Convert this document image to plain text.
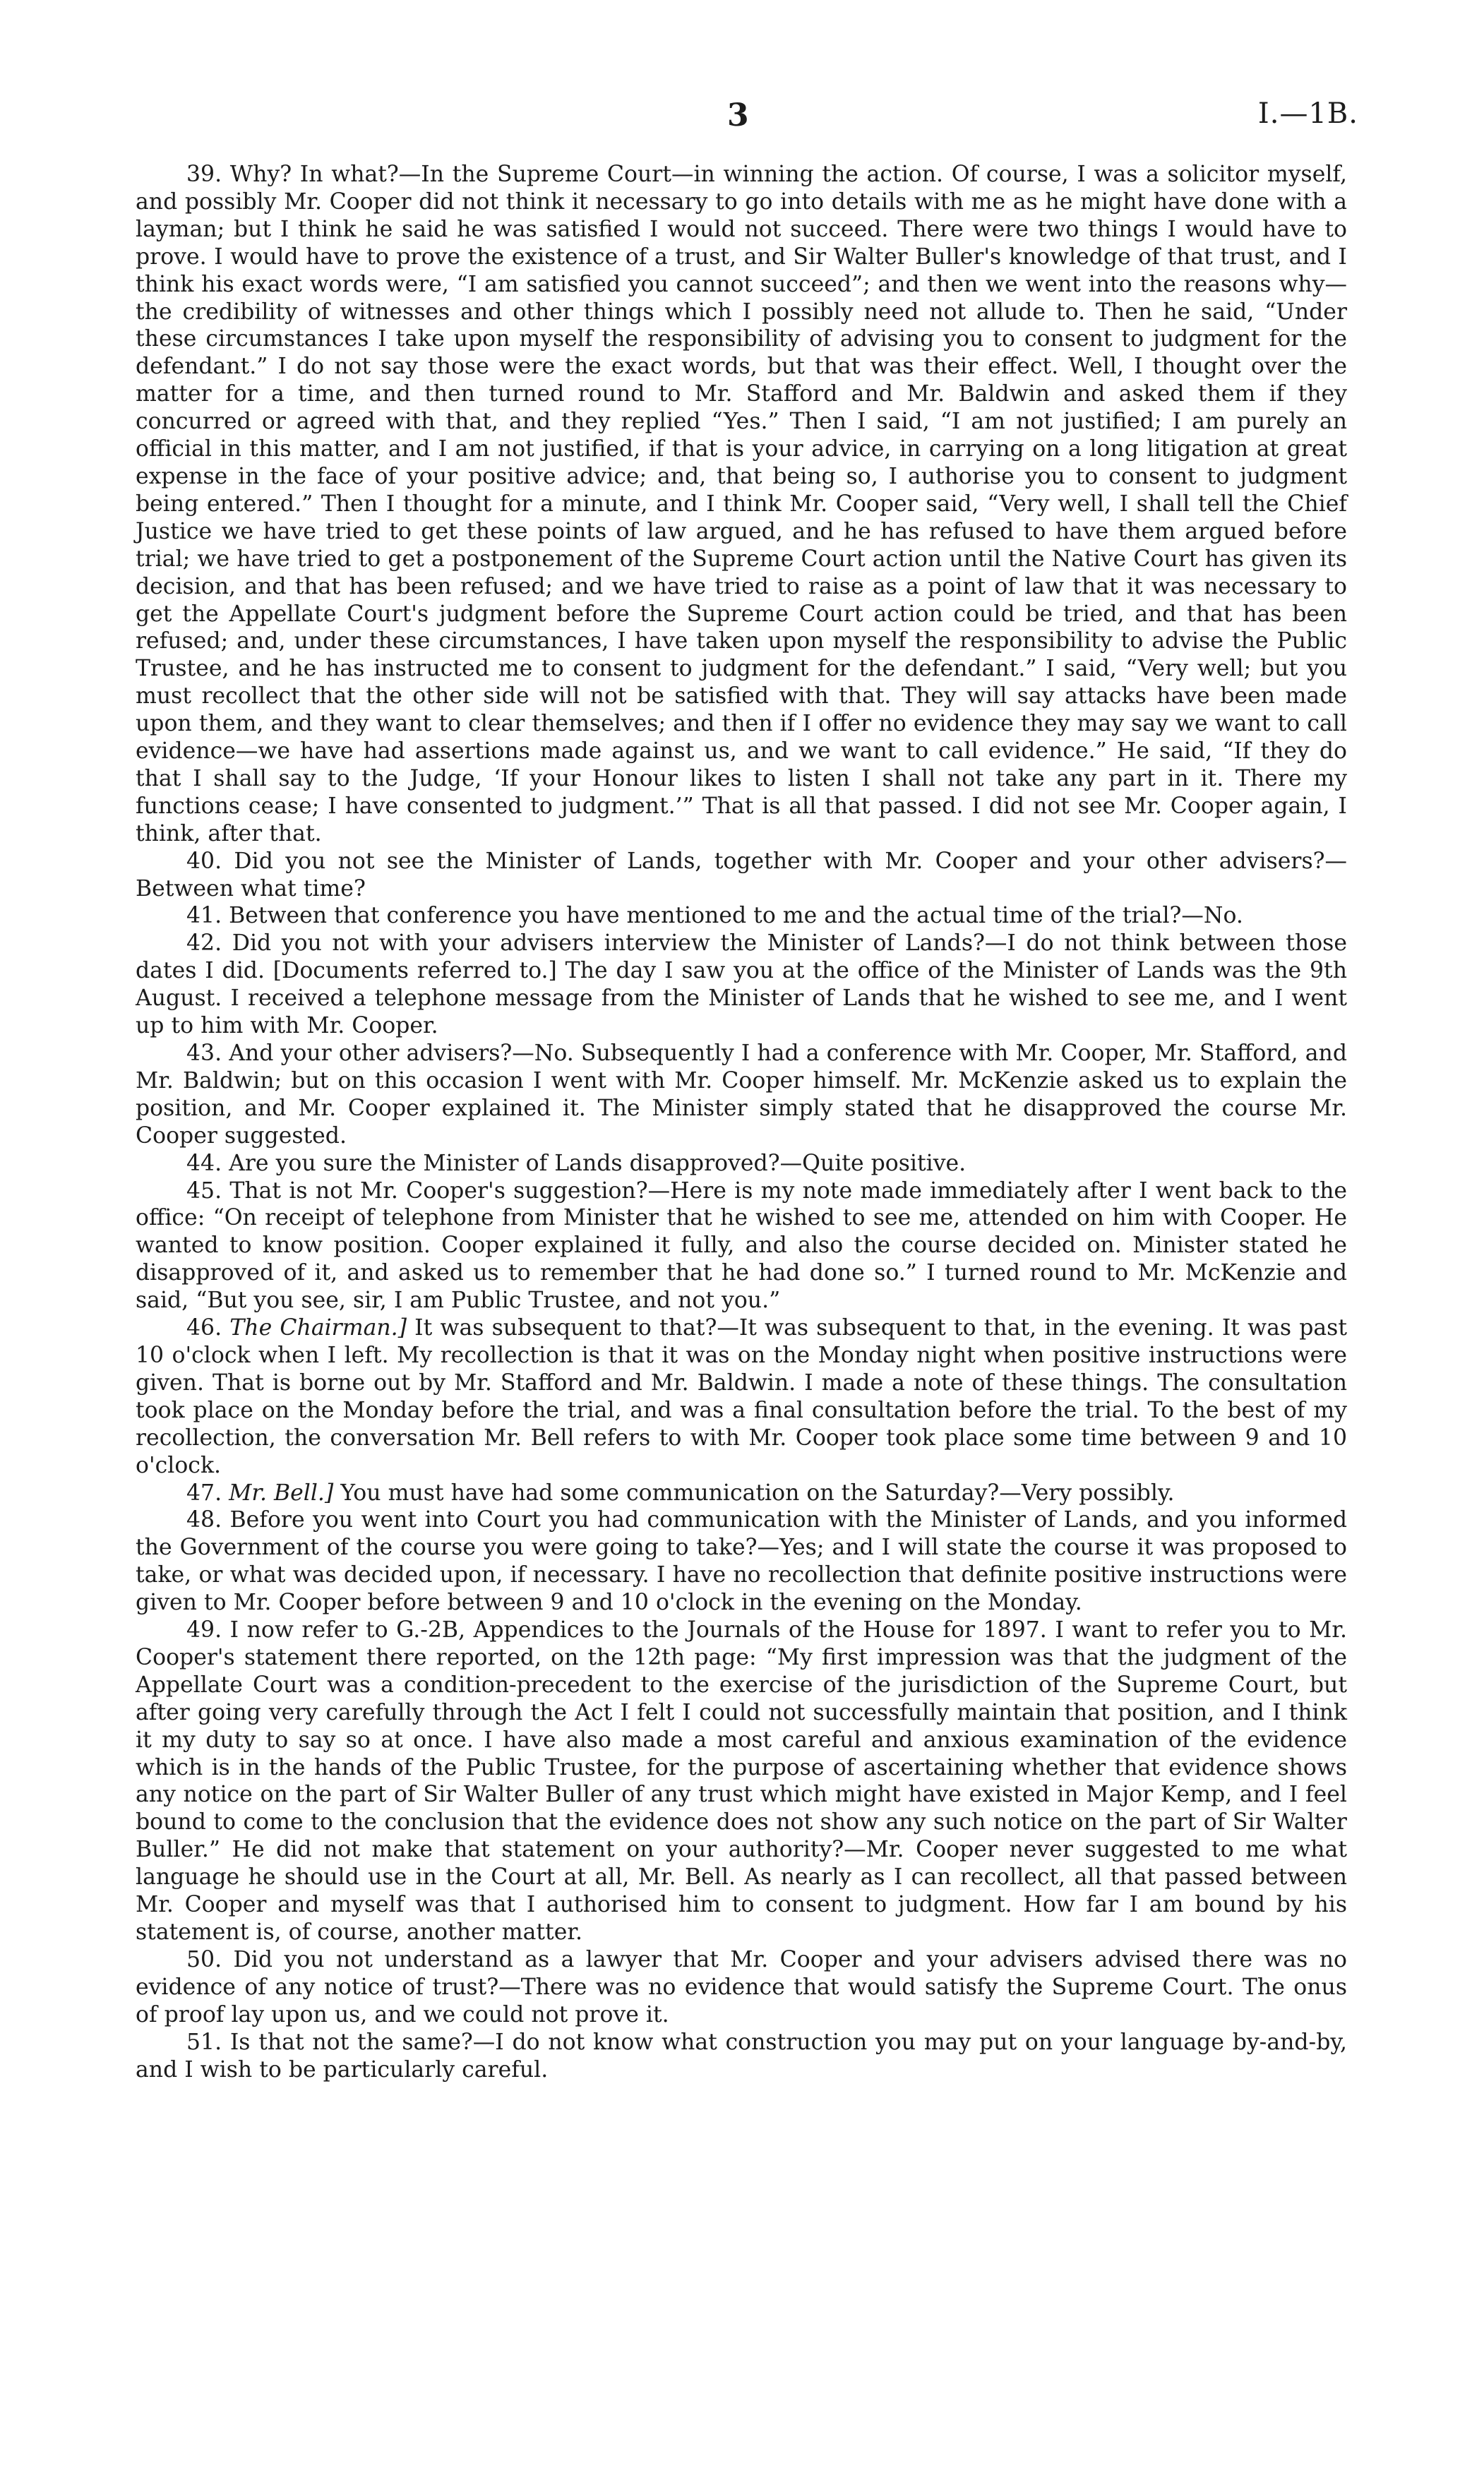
3	I.—1B.

39. Why? In what?—In the Supreme Court—in winning the action. Of course, I was a solicitor myself, and possibly Mr. Cooper did not think it necessary to go into details with me as he might have done with a layman; but I think he said he was satisfied I would not succeed. There were two things I would have to prove. I would have to prove the existence of a trust, and Sir Walter Buller's knowledge of that trust, and I think his exact words were, “I am satisfied you cannot succeed”; and then we went into the reasons why—the credibility of witnesses and other things which I possibly need not allude to. Then he said, “Under these circumstances I take upon myself the responsibility of advising you to consent to judgment for the defendant.” I do not say those were the exact words, but that was their effect. Well, I thought over the matter for a time, and then turned round to Mr. Stafford and Mr. Baldwin and asked them if they concurred or agreed with that, and they replied “Yes.” Then I said, “I am not justified; I am purely an official in this matter, and I am not justified, if that is your advice, in carrying on a long litigation at great expense in the face of your positive advice; and, that being so, I authorise you to consent to judgment being entered.” Then I thought for a minute, and I think Mr. Cooper said, “Very well, I shall tell the Chief Justice we have tried to get these points of law argued, and he has refused to have them argued before trial; we have tried to get a postponement of the Supreme Court action until the Native Court has given its decision, and that has been refused; and we have tried to raise as a point of law that it was necessary to get the Appellate Court's judgment before the Supreme Court action could be tried, and that has been refused; and, under these circumstances, I have taken upon myself the responsibility to advise the Public Trustee, and he has instructed me to consent to judgment for the defendant.” I said, “Very well; but you must recollect that the other side will not be satisfied with that. They will say attacks have been made upon them, and they want to clear themselves; and then if I offer no evidence they may say we want to call evidence—we have had assertions made against us, and we want to call evidence.” He said, “If they do that I shall say to the Judge, ‘If your Honour likes to listen I shall not take any part in it. There my functions cease; I have consented to judgment.’” That is all that passed. I did not see Mr. Cooper again, I think, after that.

40. Did you not see the Minister of Lands, together with Mr. Cooper and your other advisers?—Between what time?

41. Between that conference you have mentioned to me and the actual time of the trial?—No.

42. Did you not with your advisers interview the Minister of Lands?—I do not think between those dates I did. [Documents referred to.] The day I saw you at the office of the Minister of Lands was the 9th August. I received a telephone message from the Minister of Lands that he wished to see me, and I went up to him with Mr. Cooper.

43. And your other advisers?—No. Subsequently I had a conference with Mr. Cooper, Mr. Stafford, and Mr. Baldwin; but on this occasion I went with Mr. Cooper himself. Mr. McKenzie asked us to explain the position, and Mr. Cooper explained it. The Minister simply stated that he disapproved the course Mr. Cooper suggested.

44. Are you sure the Minister of Lands disapproved?—Quite positive.

45. That is not Mr. Cooper's suggestion?—Here is my note made immediately after I went back to the office: “On receipt of telephone from Minister that he wished to see me, attended on him with Cooper. He wanted to know position. Cooper explained it fully, and also the course decided on. Minister stated he disapproved of it, and asked us to remember that he had done so.” I turned round to Mr. McKenzie and said, “But you see, sir, I am Public Trustee, and not you.”

46. The Chairman.] It was subsequent to that?—It was subsequent to that, in the evening. It was past 10 o'clock when I left. My recollection is that it was on the Monday night when positive instructions were given. That is borne out by Mr. Stafford and Mr. Baldwin. I made a note of these things. The consultation took place on the Monday before the trial, and was a final consultation before the trial. To the best of my recollection, the conversation Mr. Bell refers to with Mr. Cooper took place some time between 9 and 10 o'clock.

47. Mr. Bell.] You must have had some communication on the Saturday?—Very possibly.

48. Before you went into Court you had communication with the Minister of Lands, and you informed the Government of the course you were going to take?—Yes; and I will state the course it was proposed to take, or what was decided upon, if necessary. I have no recollection that definite positive instructions were given to Mr. Cooper before between 9 and 10 o'clock in the evening on the Monday.

49. I now refer to G.-2B, Appendices to the Journals of the House for 1897. I want to refer you to Mr. Cooper's statement there reported, on the 12th page: “My first impression was that the judgment of the Appellate Court was a condition-precedent to the exercise of the jurisdiction of the Supreme Court, but after going very carefully through the Act I felt I could not successfully maintain that position, and I think it my duty to say so at once. I have also made a most careful and anxious examination of the evidence which is in the hands of the Public Trustee, for the purpose of ascertaining whether that evidence shows any notice on the part of Sir Walter Buller of any trust which might have existed in Major Kemp, and I feel bound to come to the conclusion that the evidence does not show any such notice on the part of Sir Walter Buller.” He did not make that statement on your authority?—Mr. Cooper never suggested to me what language he should use in the Court at all, Mr. Bell. As nearly as I can recollect, all that passed between Mr. Cooper and myself was that I authorised him to consent to judgment. How far I am bound by his statement is, of course, another matter.

50. Did you not understand as a lawyer that Mr. Cooper and your advisers advised there was no evidence of any notice of trust?—There was no evidence that would satisfy the Supreme Court. The onus of proof lay upon us, and we could not prove it.

51. Is that not the same?—I do not know what construction you may put on your language by-and-by, and I wish to be particularly careful.
